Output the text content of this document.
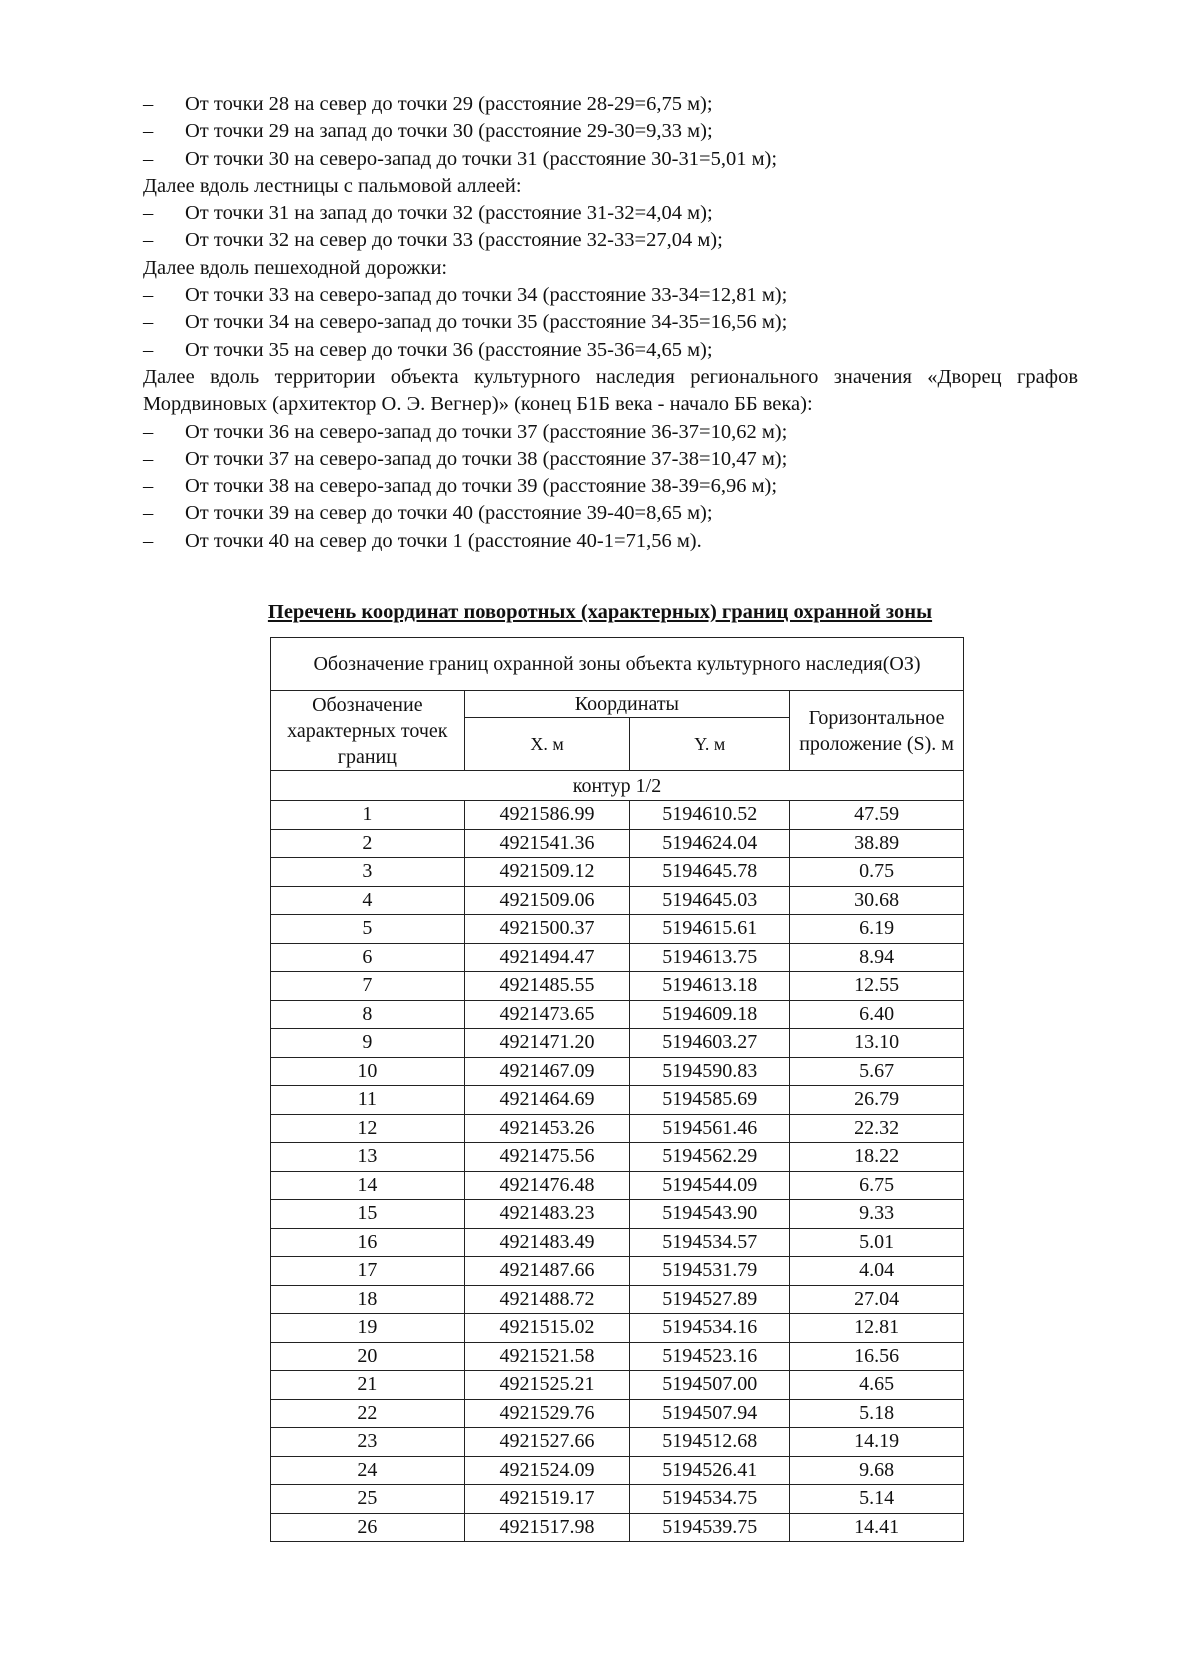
– От точки 28 на север до точки 29 (расстояние 28-29=6,75 м);
– От точки 29 на запад до точки 30 (расстояние 29-30=9,33 м);
– От точки 30 на северо-запад до точки 31 (расстояние 30-31=5,01 м);
Далее вдоль лестницы с пальмовой аллеей:
– От точки 31 на запад до точки 32 (расстояние 31-32=4,04 м);
– От точки 32 на север до точки 33 (расстояние 32-33=27,04 м);
Далее вдоль пешеходной дорожки:
– От точки 33 на северо-запад до точки 34 (расстояние 33-34=12,81 м);
– От точки 34 на северо-запад до точки 35 (расстояние 34-35=16,56 м);
– От точки 35 на север до точки 36 (расстояние 35-36=4,65 м);
Далее вдоль территории объекта культурного наследия регионального значения «Дворец графов Мордвиновых (архитектор О. Э. Вегнер)» (конец Б1Б века - начало ББ века):
– От точки 36 на северо-запад до точки 37 (расстояние 36-37=10,62 м);
– От точки 37 на северо-запад до точки 38 (расстояние 37-38=10,47 м);
– От точки 38 на северо-запад до точки 39 (расстояние 38-39=6,96 м);
– От точки 39 на север до точки 40 (расстояние 39-40=8,65 м);
– От точки 40 на север до точки 1 (расстояние 40-1=71,56 м).
Перечень координат поворотных (характерных) границ охранной зоны
Обозначение границ охранной зоны объекта культурного наследия(ОЗ)			
Обозначение характерных точек границ	Координаты		Горизонтальное проложение (S). м
	X. м	Y. м	
контур 1/2			
1	4921586.99	5194610.52	47.59
2	4921541.36	5194624.04	38.89
3	4921509.12	5194645.78	0.75
4	4921509.06	5194645.03	30.68
5	4921500.37	5194615.61	6.19
6	4921494.47	5194613.75	8.94
7	4921485.55	5194613.18	12.55
8	4921473.65	5194609.18	6.40
9	4921471.20	5194603.27	13.10
10	4921467.09	5194590.83	5.67
11	4921464.69	5194585.69	26.79
12	4921453.26	5194561.46	22.32
13	4921475.56	5194562.29	18.22
14	4921476.48	5194544.09	6.75
15	4921483.23	5194543.90	9.33
16	4921483.49	5194534.57	5.01
17	4921487.66	5194531.79	4.04
18	4921488.72	5194527.89	27.04
19	4921515.02	5194534.16	12.81
20	4921521.58	5194523.16	16.56
21	4921525.21	5194507.00	4.65
22	4921529.76	5194507.94	5.18
23	4921527.66	5194512.68	14.19
24	4921524.09	5194526.41	9.68
25	4921519.17	5194534.75	5.14
26	4921517.98	5194539.75	14.41
